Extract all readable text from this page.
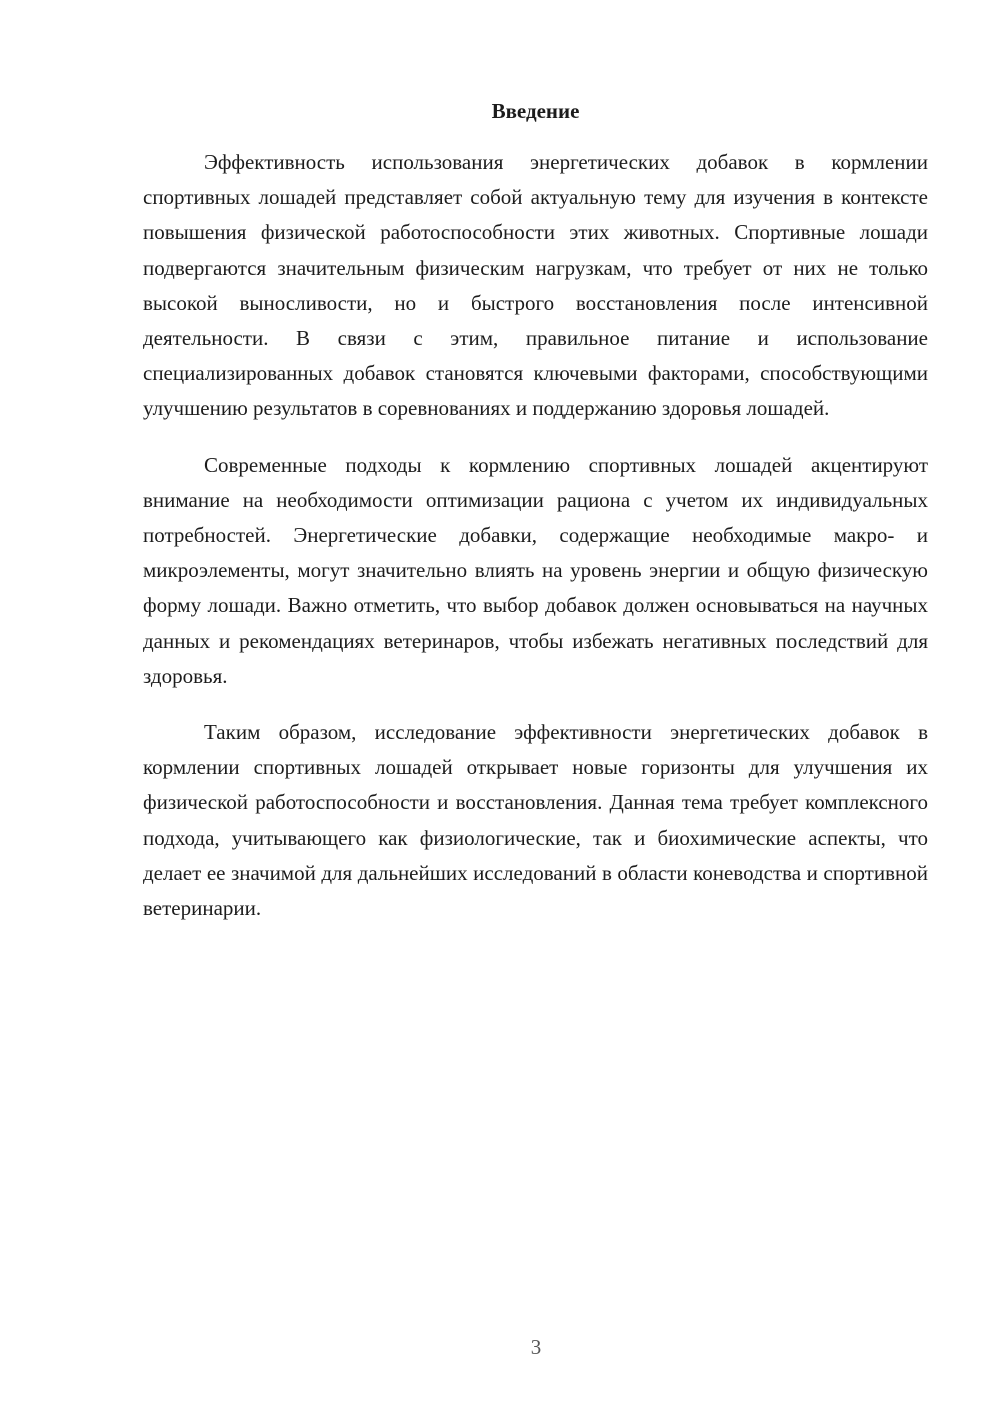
Введение

Эффективность использования энергетических добавок в кормлении спортивных лошадей представляет собой актуальную тему для изучения в контексте повышения физической работоспособности этих животных. Спортивные лошади подвергаются значительным физическим нагрузкам, что требует от них не только высокой выносливости, но и быстрого восстановления после интенсивной деятельности. В связи с этим, правильное питание и использование специализированных добавок становятся ключевыми факторами, способствующими улучшению результатов в соревнованиях и поддержанию здоровья лошадей.

Современные подходы к кормлению спортивных лошадей акцентируют внимание на необходимости оптимизации рациона с учетом их индивидуальных потребностей. Энергетические добавки, содержащие необходимые макро- и микроэлементы, могут значительно влиять на уровень энергии и общую физическую форму лошади. Важно отметить, что выбор добавок должен основываться на научных данных и рекомендациях ветеринаров, чтобы избежать негативных последствий для здоровья.

Таким образом, исследование эффективности энергетических добавок в кормлении спортивных лошадей открывает новые горизонты для улучшения их физической работоспособности и восстановления. Данная тема требует комплексного подхода, учитывающего как физиологические, так и биохимические аспекты, что делает ее значимой для дальнейших исследований в области коневодства и спортивной ветеринарии.

3
